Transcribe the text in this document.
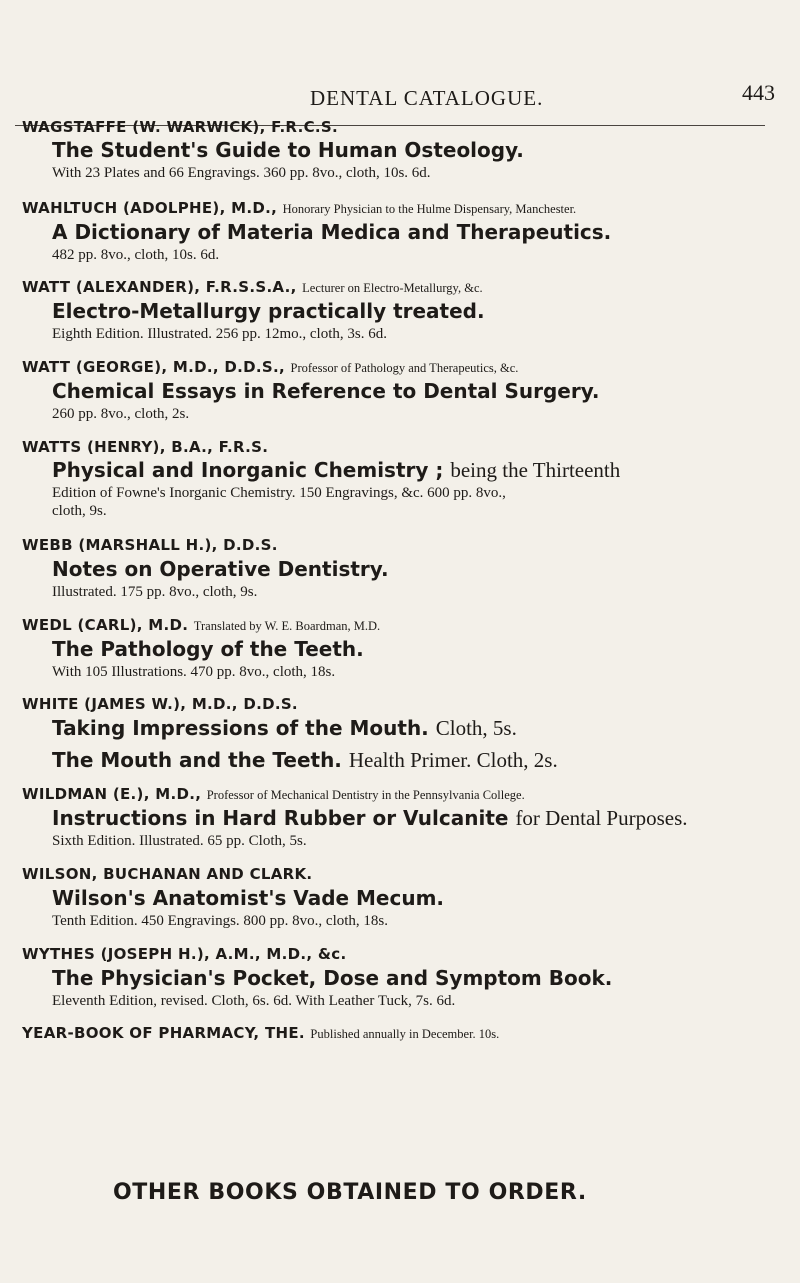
DENTAL CATALOGUE.	443
WAGSTAFFE (W. WARWICK), F.R.C.S.
The Student's Guide to Human Osteology.
With 23 Plates and 66 Engravings. 360 pp. 8vo., cloth, 10s. 6d.
WAHLTUCH (ADOLPHE), M.D., Honorary Physician to the Hulme Dispensary, Manchester.
A Dictionary of Materia Medica and Therapeutics.
482 pp. 8vo., cloth, 10s. 6d.
WATT (ALEXANDER), F.R.S.S.A., Lecturer on Electro-Metallurgy, &c.
Electro-Metallurgy practically treated.
Eighth Edition. Illustrated. 256 pp. 12mo., cloth, 3s. 6d.
WATT (GEORGE), M.D., D.D.S., Professor of Pathology and Therapeutics, &c.
Chemical Essays in Reference to Dental Surgery.
260 pp. 8vo., cloth, 2s.
WATTS (HENRY), B.A., F.R.S.
Physical and Inorganic Chemistry ; being the Thirteenth
Edition of Fowne's Inorganic Chemistry. 150 Engravings, &c. 600 pp. 8vo.,
cloth, 9s.
WEBB (MARSHALL H.), D.D.S.
Notes on Operative Dentistry.
Illustrated. 175 pp. 8vo., cloth, 9s.
WEDL (CARL), M.D. Translated by W. E. Boardman, M.D.
The Pathology of the Teeth.
With 105 Illustrations. 470 pp. 8vo., cloth, 18s.
WHITE (JAMES W.), M.D., D.D.S.
Taking Impressions of the Mouth. Cloth, 5s.
The Mouth and the Teeth. Health Primer. Cloth, 2s.
WILDMAN (E.), M.D., Professor of Mechanical Dentistry in the Pennsylvania College.
Instructions in Hard Rubber or Vulcanite for Dental Purposes.
Sixth Edition. Illustrated. 65 pp. Cloth, 5s.
WILSON, BUCHANAN AND CLARK.
Wilson's Anatomist's Vade Mecum.
Tenth Edition. 450 Engravings. 800 pp. 8vo., cloth, 18s.
WYTHES (JOSEPH H.), A.M., M.D., &c.
The Physician's Pocket, Dose and Symptom Book.
Eleventh Edition, revised. Cloth, 6s. 6d. With Leather Tuck, 7s. 6d.
YEAR-BOOK OF PHARMACY, THE. Published annually in December. 10s.
OTHER BOOKS OBTAINED TO ORDER.
